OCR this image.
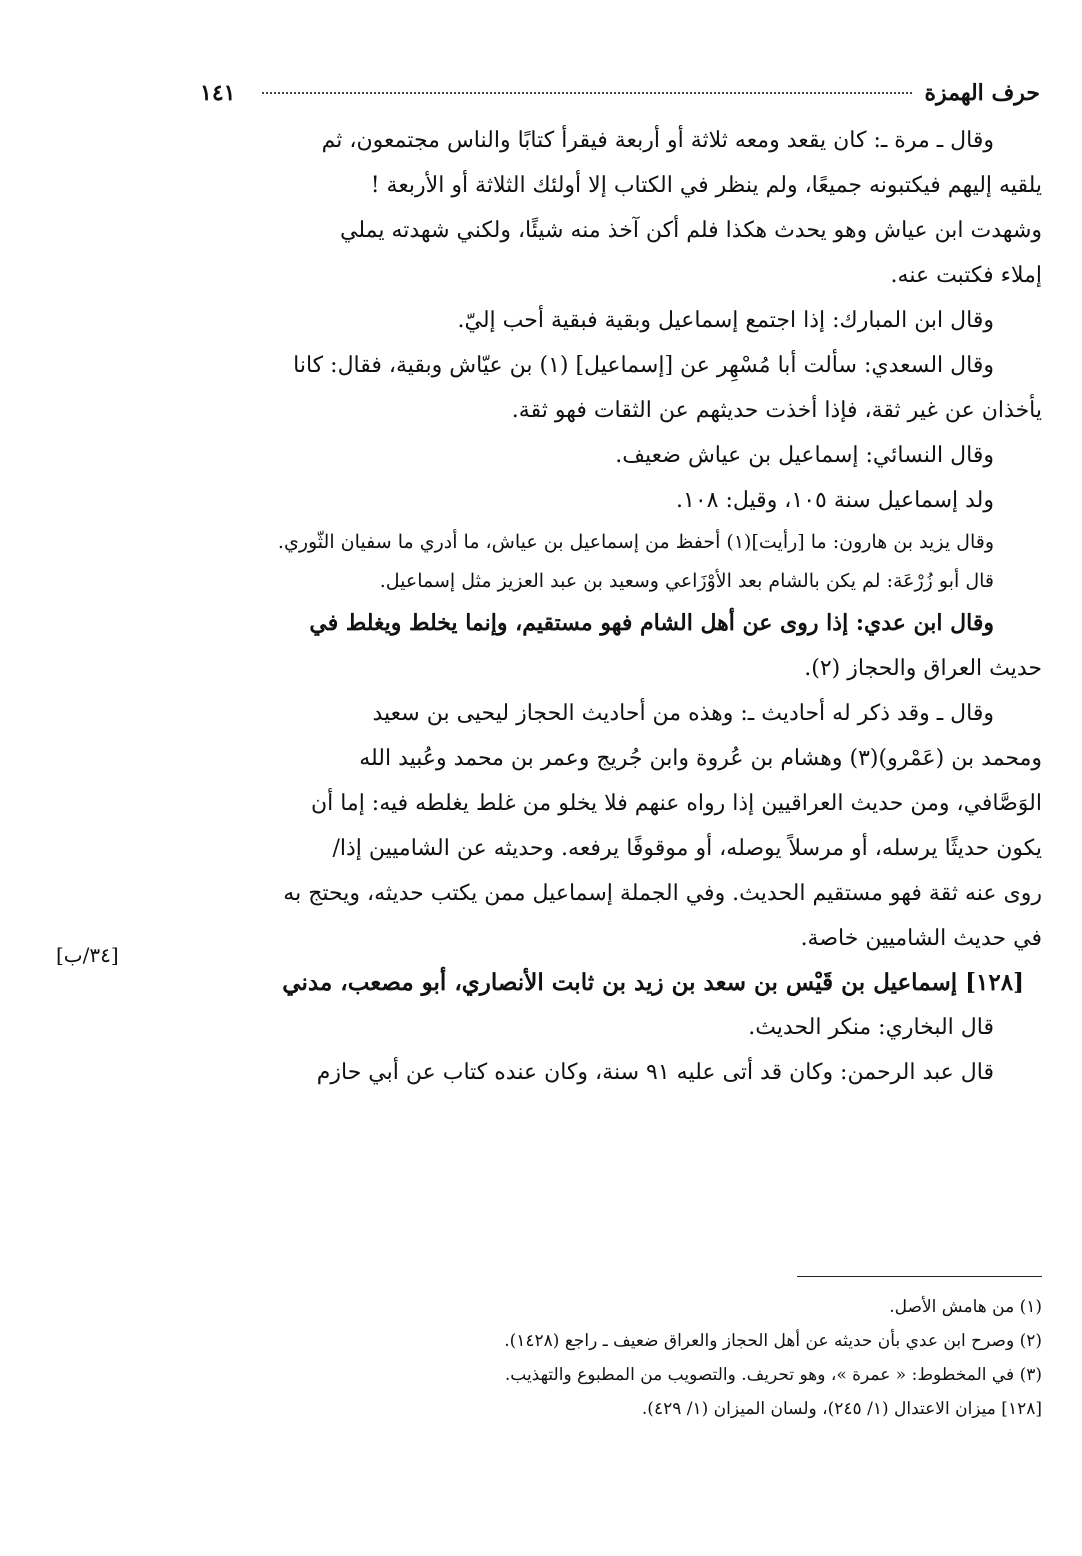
حرف الهمزة
١٤١
وقال ـ مرة ـ: كان يقعد ومعه ثلاثة أو أربعة فيقرأ كتابًا والناس مجتمعون، ثم
يلقيه إليهم فيكتبونه جميعًا، ولم ينظر في الكتاب إلا أولئك الثلاثة أو الأربعة !
وشهدت ابن عياش وهو يحدث هكذا فلم أكن آخذ منه شيئًا، ولكني شهدته يملي
إملاء فكتبت عنه.
وقال ابن المبارك: إذا اجتمع إسماعيل وبقية فبقية أحب إليّ.
وقال السعدي: سألت أبا مُسْهِر عن [إسماعيل] (١) بن عيّاش وبقية، فقال: كانا
يأخذان عن غير ثقة، فإذا أخذت حديثهم عن الثقات فهو ثقة.
وقال النسائي: إسماعيل بن عياش ضعيف.
ولد إسماعيل سنة ١٠٥، وقيل: ١٠٨.
وقال يزيد بن هارون: ما [رأيت](١) أحفظ من إسماعيل بن عياش، ما أدري ما سفيان الثّوري.
قال أبو زُرْعَة: لم يكن بالشام بعد الأوْزَاعي وسعيد بن عبد العزيز مثل إسماعيل.
وقال ابن عدي: إذا روى عن أهل الشام فهو مستقيم، وإنما يخلط ويغلط في
حديث العراق والحجاز (٢).
وقال ـ وقد ذكر له أحاديث ـ: وهذه من أحاديث الحجاز ليحيى بن سعيد
ومحمد بن (عَمْرو)(٣) وهشام بن عُروة وابن جُريج وعمر بن محمد وعُبيد الله
الوَصَّافي، ومن حديث العراقيين إذا رواه عنهم فلا يخلو من غلط يغلطه فيه: إما أن
يكون حديثًا يرسله، أو مرسلاً يوصله، أو موقوفًا يرفعه. وحديثه عن الشاميين إذا/
روى عنه ثقة فهو مستقيم الحديث. وفي الجملة إسماعيل ممن يكتب حديثه، ويحتج به
في حديث الشاميين خاصة.
[١٢٨] إسماعيل بن قَيْس بن سعد بن زيد بن ثابت الأنصاري، أبو مصعب، مدني
قال البخاري: منكر الحديث.
قال عبد الرحمن: وكان قد أتى عليه ٩١ سنة، وكان عنده كتاب عن أبي حازم
[٣٤/ب]
(١) من هامش الأصل.
(٢) وصرح ابن عدي بأن حديثه عن أهل الحجاز والعراق ضعيف ـ راجع (١٤٢٨).
(٣) في المخطوط: « عمرة »، وهو تحريف. والتصويب من المطبوع والتهذيب.
[١٢٨] ميزان الاعتدال (١/ ٢٤٥)، ولسان الميزان (١/ ٤٢٩).
